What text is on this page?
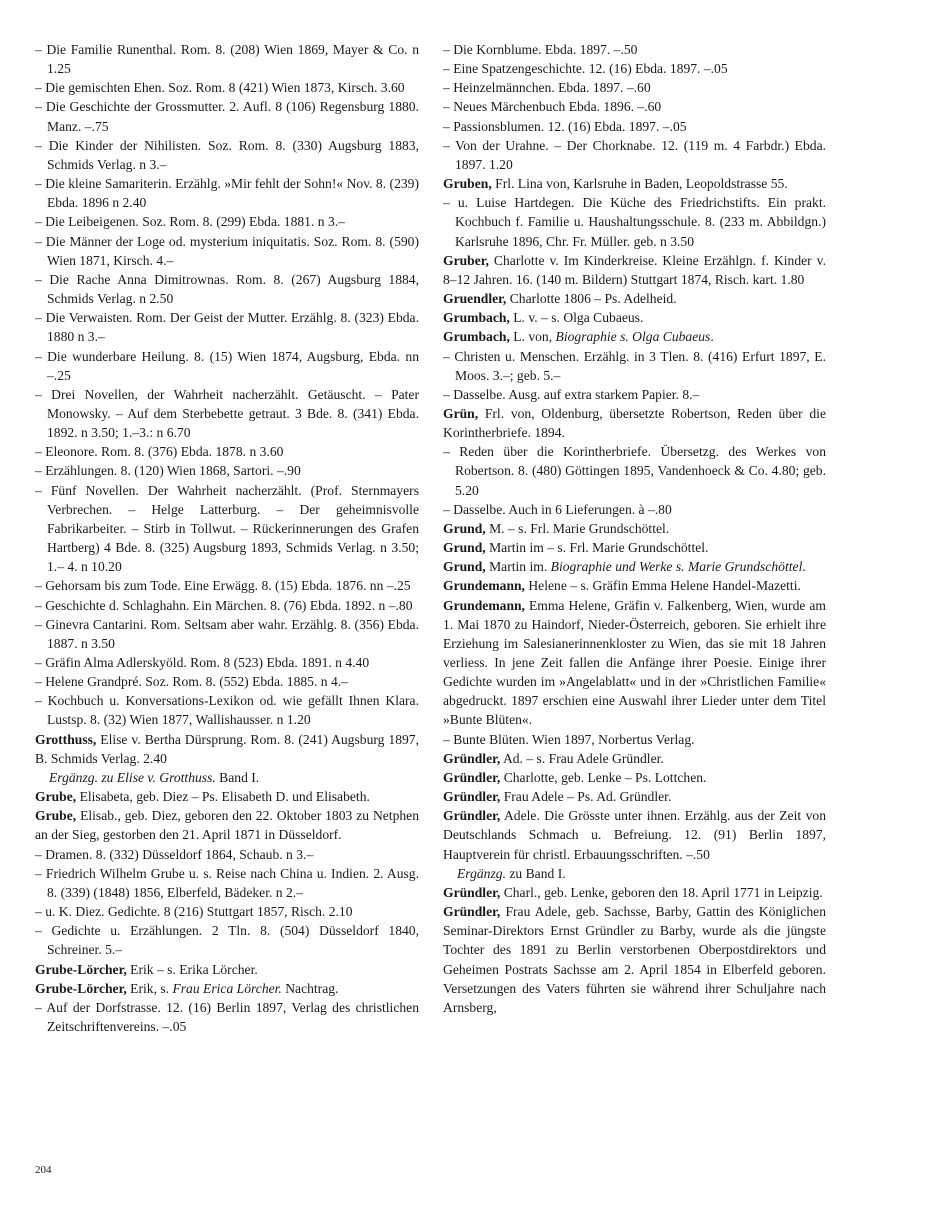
– Die Familie Runenthal. Rom. 8. (208) Wien 1869, Mayer & Co. n 1.25

– Die gemischten Ehen. Soz. Rom. 8 (421) Wien 1873, Kirsch. 3.60

– Die Geschichte der Grossmutter. 2. Aufl. 8 (106) Regensburg 1880. Manz. –.75

– Die Kinder der Nihilisten. Soz. Rom. 8. (330) Augsburg 1883, Schmids Verlag. n 3.–

– Die kleine Samariterin. Erzählg. »Mir fehlt der Sohn!« Nov. 8. (239) Ebda. 1896 n 2.40

– Die Leibeigenen. Soz. Rom. 8. (299) Ebda. 1881. n 3.–

– Die Männer der Loge od. mysterium iniquitatis. Soz. Rom. 8. (590) Wien 1871, Kirsch. 4.–

– Die Rache Anna Dimitrownas. Rom. 8. (267) Augsburg 1884, Schmids Verlag. n 2.50

– Die Verwaisten. Rom. Der Geist der Mutter. Erzählg. 8. (323) Ebda. 1880 n 3.–

– Die wunderbare Heilung. 8. (15) Wien 1874, Augsburg, Ebda. nn –.25

– Drei Novellen, der Wahrheit nacherzählt. Getäuscht. – Pater Monowsky. – Auf dem Sterbebette getraut. 3 Bde. 8. (341) Ebda. 1892. n 3.50; 1.–3.: n 6.70

– Eleonore. Rom. 8. (376) Ebda. 1878. n 3.60

– Erzählungen. 8. (120) Wien 1868, Sartori. –.90

– Fünf Novellen. Der Wahrheit nacherzählt. (Prof. Sternmayers Verbrechen. – Helge Latterburg. – Der geheimnisvolle Fabrikarbeiter. – Stirb in Tollwut. – Rückerinnerungen des Grafen Hartberg) 4 Bde. 8. (325) Augsburg 1893, Schmids Verlag. n 3.50; 1.– 4. n 10.20

– Gehorsam bis zum Tode. Eine Erwägg. 8. (15) Ebda. 1876. nn –.25

– Geschichte d. Schlaghahn. Ein Märchen. 8. (76) Ebda. 1892. n –.80

– Ginevra Cantarini. Rom. Seltsam aber wahr. Erzählg. 8. (356) Ebda. 1887. n 3.50

– Gräfin Alma Adlerskyöld. Rom. 8 (523) Ebda. 1891. n 4.40

– Helene Grandpré. Soz. Rom. 8. (552) Ebda. 1885. n 4.–

– Kochbuch u. Konversations-Lexikon od. wie gefällt Ihnen Klara. Lustsp. 8. (32) Wien 1877, Wallishausser. n 1.20

Grotthuss, Elise v. Bertha Dürsprung. Rom. 8. (241) Augsburg 1897, B. Schmids Verlag. 2.40

Ergänzg. zu Elise v. Grotthuss. Band I.

Grube, Elisabeta, geb. Diez – Ps. Elisabeth D. und Elisabeth.

Grube, Elisab., geb. Diez, geboren den 22. Oktober 1803 zu Netphen an der Sieg, gestorben den 21. April 1871 in Düsseldorf.

– Dramen. 8. (332) Düsseldorf 1864, Schaub. n 3.–

– Friedrich Wilhelm Grube u. s. Reise nach China u. Indien. 2. Ausg. 8. (339) (1848) 1856, Elberfeld, Bädeker. n 2.–

– u. K. Diez. Gedichte. 8 (216) Stuttgart 1857, Risch. 2.10

– Gedichte u. Erzählungen. 2 Tln. 8. (504) Düsseldorf 1840, Schreiner. 5.–

Grube-Lörcher, Erik – s. Erika Lörcher.

Grube-Lörcher, Erik, s. Frau Erica Lörcher. Nachtrag.

– Auf der Dorfstrasse. 12. (16) Berlin 1897, Verlag des christlichen Zeitschriftenvereins. –.05

– Die Kornblume. Ebda. 1897. –.50

– Eine Spatzengeschichte. 12. (16) Ebda. 1897. –.05

– Heinzelmännchen. Ebda. 1897. –.60

– Neues Märchenbuch Ebda. 1896. –.60

– Passionsblumen. 12. (16) Ebda. 1897. –.05

– Von der Urahne. – Der Chorknabe. 12. (119 m. 4 Farbdr.) Ebda. 1897. 1.20

Gruben, Frl. Lina von, Karlsruhe in Baden, Leopoldstrasse 55.

– u. Luise Hartdegen. Die Küche des Friedrichstifts. Ein prakt. Kochbuch f. Familie u. Haushaltungsschule. 8. (233 m. Abbildgn.) Karlsruhe 1896, Chr. Fr. Müller. geb. n 3.50

Gruber, Charlotte v. Im Kinderkreise. Kleine Erzählgn. f. Kinder v. 8–12 Jahren. 16. (140 m. Bildern) Stuttgart 1874, Risch. kart. 1.80

Gruendler, Charlotte 1806 – Ps. Adelheid.

Grumbach, L. v. – s. Olga Cubaeus.

Grumbach, L. von, Biographie s. Olga Cubaeus.

– Christen u. Menschen. Erzählg. in 3 Tlen. 8. (416) Erfurt 1897, E. Moos. 3.–; geb. 5.–

– Dasselbe. Ausg. auf extra starkem Papier. 8.–

Grün, Frl. von, Oldenburg, übersetzte Robertson, Reden über die Korintherbriefe. 1894.

– Reden über die Korintherbriefe. Übersetzg. des Werkes von Robertson. 8. (480) Göttingen 1895, Vandenhoeck & Co. 4.80; geb. 5.20

– Dasselbe. Auch in 6 Lieferungen. à –.80

Grund, M. – s. Frl. Marie Grundschöttel.

Grund, Martin im – s. Frl. Marie Grundschöttel.

Grund, Martin im. Biographie und Werke s. Marie Grundschöttel.

Grundemann, Helene – s. Gräfin Emma Helene Handel-Mazetti.

Grundemann, Emma Helene, Gräfin v. Falkenberg, Wien, wurde am 1. Mai 1870 zu Haindorf, Nieder-Österreich, geboren. Sie erhielt ihre Erziehung im Salesianerinnenkloster zu Wien, das sie mit 18 Jahren verliess. In jene Zeit fallen die Anfänge ihrer Poesie. Einige ihrer Gedichte wurden im »Angelablatt« und in der »Christlichen Familie« abgedruckt. 1897 erschien eine Auswahl ihrer Lieder unter dem Titel »Bunte Blüten«.

– Bunte Blüten. Wien 1897, Norbertus Verlag.

Gründler, Ad. – s. Frau Adele Gründler.

Gründler, Charlotte, geb. Lenke – Ps. Lottchen.

Gründler, Frau Adele – Ps. Ad. Gründler.

Gründler, Adele. Die Grösste unter ihnen. Erzählg. aus der Zeit von Deutschlands Schmach u. Befreiung. 12. (91) Berlin 1897, Hauptverein für christl. Erbauungsschriften. –.50

Ergänzg. zu Band I.

Gründler, Charl., geb. Lenke, geboren den 18. April 1771 in Leipzig.

Gründler, Frau Adele, geb. Sachsse, Barby, Gattin des Königlichen Seminar-Direktors Ernst Gründler zu Barby, wurde als die jüngste Tochter des 1891 zu Berlin verstorbenen Oberpostdirektors und Geheimen Postrats Sachsse am 2. April 1854 in Elberfeld geboren. Versetzungen des Vaters führten sie während ihrer Schuljahre nach Arnsberg,

204
